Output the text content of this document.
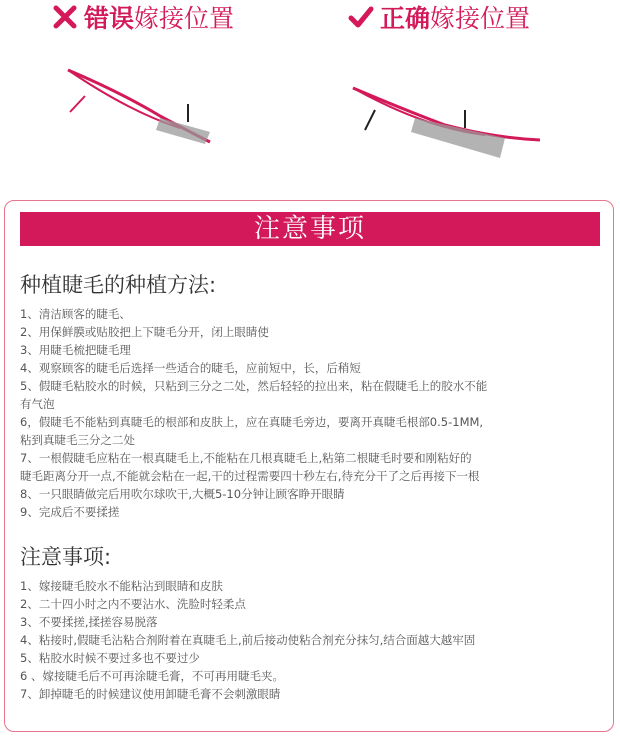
错误嫁接位置	正确嫁接位置
注意事项
种植睫毛的种植方法:
1、清洁顾客的睫毛、
2、用保鲜膜或贴胶把上下睫毛分开，闭上眼睛使
3、用睫毛梳把睫毛理
4、观察顾客的睫毛后选择一些适合的睫毛，应前短中，长，后稍短
5、假睫毛粘胶水的时候，只粘到三分之二处，然后轻轻的拉出来，粘在假睫毛上的胶水不能
有气泡
6，假睫毛不能粘到真睫毛的根部和皮肤上，应在真睫毛旁边，要离开真睫毛根部0.5-1MM,
粘到真睫毛三分之二处
7、一根假睫毛应粘在一根真睫毛上,不能粘在几根真睫毛上,粘第二根睫毛时要和刚粘好的
睫毛距离分开一点,不能就会粘在一起,干的过程需要四十秒左右,待充分干了之后再接下一根
8、一只眼睛做完后用吹尔球吹干,大概5-10分钟让顾客睁开眼睛
9、完成后不要揉搓
注意事项:
1、嫁接睫毛胶水不能粘沾到眼睛和皮肤
2、二十四小时之内不要沾水、洗脸时轻柔点
3、不要揉搓,揉搓容易脱落
4、粘接时,假睫毛沾粘合剂附着在真睫毛上,前后接动使粘合剂充分抹匀,结合面越大越牢固
5、粘胶水时候不要过多也不要过少
6 、嫁接睫毛后不可再涂睫毛膏，不可再用睫毛夹。
7、卸掉睫毛的时候建议使用卸睫毛膏不会刺激眼睛
